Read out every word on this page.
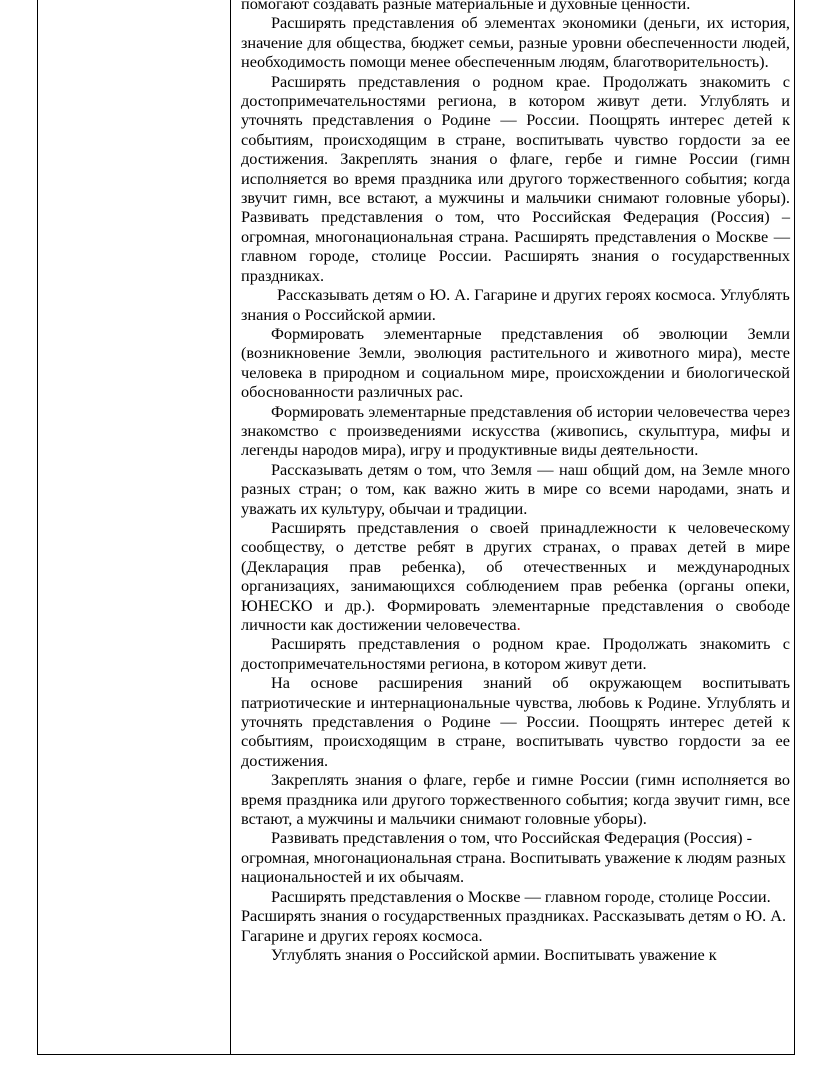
помогают создавать разные материальные и духовные ценности.

Расширять представления об элементах экономики (деньги, их история, значение для общества, бюджет семьи, разные уровни обеспеченности людей, необходимость помощи менее обеспеченным людям, благотворительность).

Расширять представления о родном крае. Продолжать знакомить с достопримечательностями региона, в котором живут дети. Углублять и уточнять представления о Родине — России. Поощрять интерес детей к событиям, происходящим в стране, воспитывать чувство гордости за ее достижения. Закреплять знания о флаге, гербе и гимне России (гимн исполняется во время праздника или другого торжественного события; когда звучит гимн, все встают, а мужчины и мальчики снимают головные уборы). Развивать представления о том, что Российская Федерация (Россия) – огромная, многонациональная страна. Расширять представления о Москве — главном городе, столице России. Расширять знания о государственных праздниках.

Рассказывать детям о Ю. А. Гагарине и других героях космоса. Углублять знания о Российской армии.

Формировать элементарные представления об эволюции Земли (возникновение Земли, эволюция растительного и животного мира), месте человека в природном и социальном мире, происхождении и биологической обоснованности различных рас.

Формировать элементарные представления об истории человечества через знакомство с произведениями искусства (живопись, скульптура, мифы и легенды народов мира), игру и продуктивные виды деятельности.

Рассказывать детям о том, что Земля — наш общий дом, на Земле много разных стран; о том, как важно жить в мире со всеми народами, знать и уважать их культуру, обычаи и традиции.

Расширять представления о своей принадлежности к человеческому сообществу, о детстве ребят в других странах, о правах детей в мире (Декларация прав ребенка), об отечественных и международных организациях, занимающихся соблюдением прав ребенка (органы опеки, ЮНЕСКО и др.). Формировать элементарные представления о свободе личности как достижении человечества.

Расширять представления о родном крае. Продолжать знакомить с достопримечательностями региона, в котором живут дети.

На основе расширения знаний об окружающем воспитывать патриотические и интернациональные чувства, любовь к Родине. Углублять и уточнять представления о Родине — России. Поощрять интерес детей к событиям, происходящим в стране, воспитывать чувство гордости за ее достижения.

Закреплять знания о флаге, гербе и гимне России (гимн исполняется во время праздника или другого торжественного события; когда звучит гимн, все встают, а мужчины и мальчики снимают головные уборы).

Развивать представления о том, что Российская Федерация (Россия) - огромная, многонациональная страна. Воспитывать уважение к людям разных национальностей и их обычаям.

Расширять представления о Москве — главном городе, столице России. Расширять знания о государственных праздниках. Рассказывать детям о Ю. А. Гагарине и других героях космоса.

Углублять знания о Российской армии. Воспитывать уважение к
